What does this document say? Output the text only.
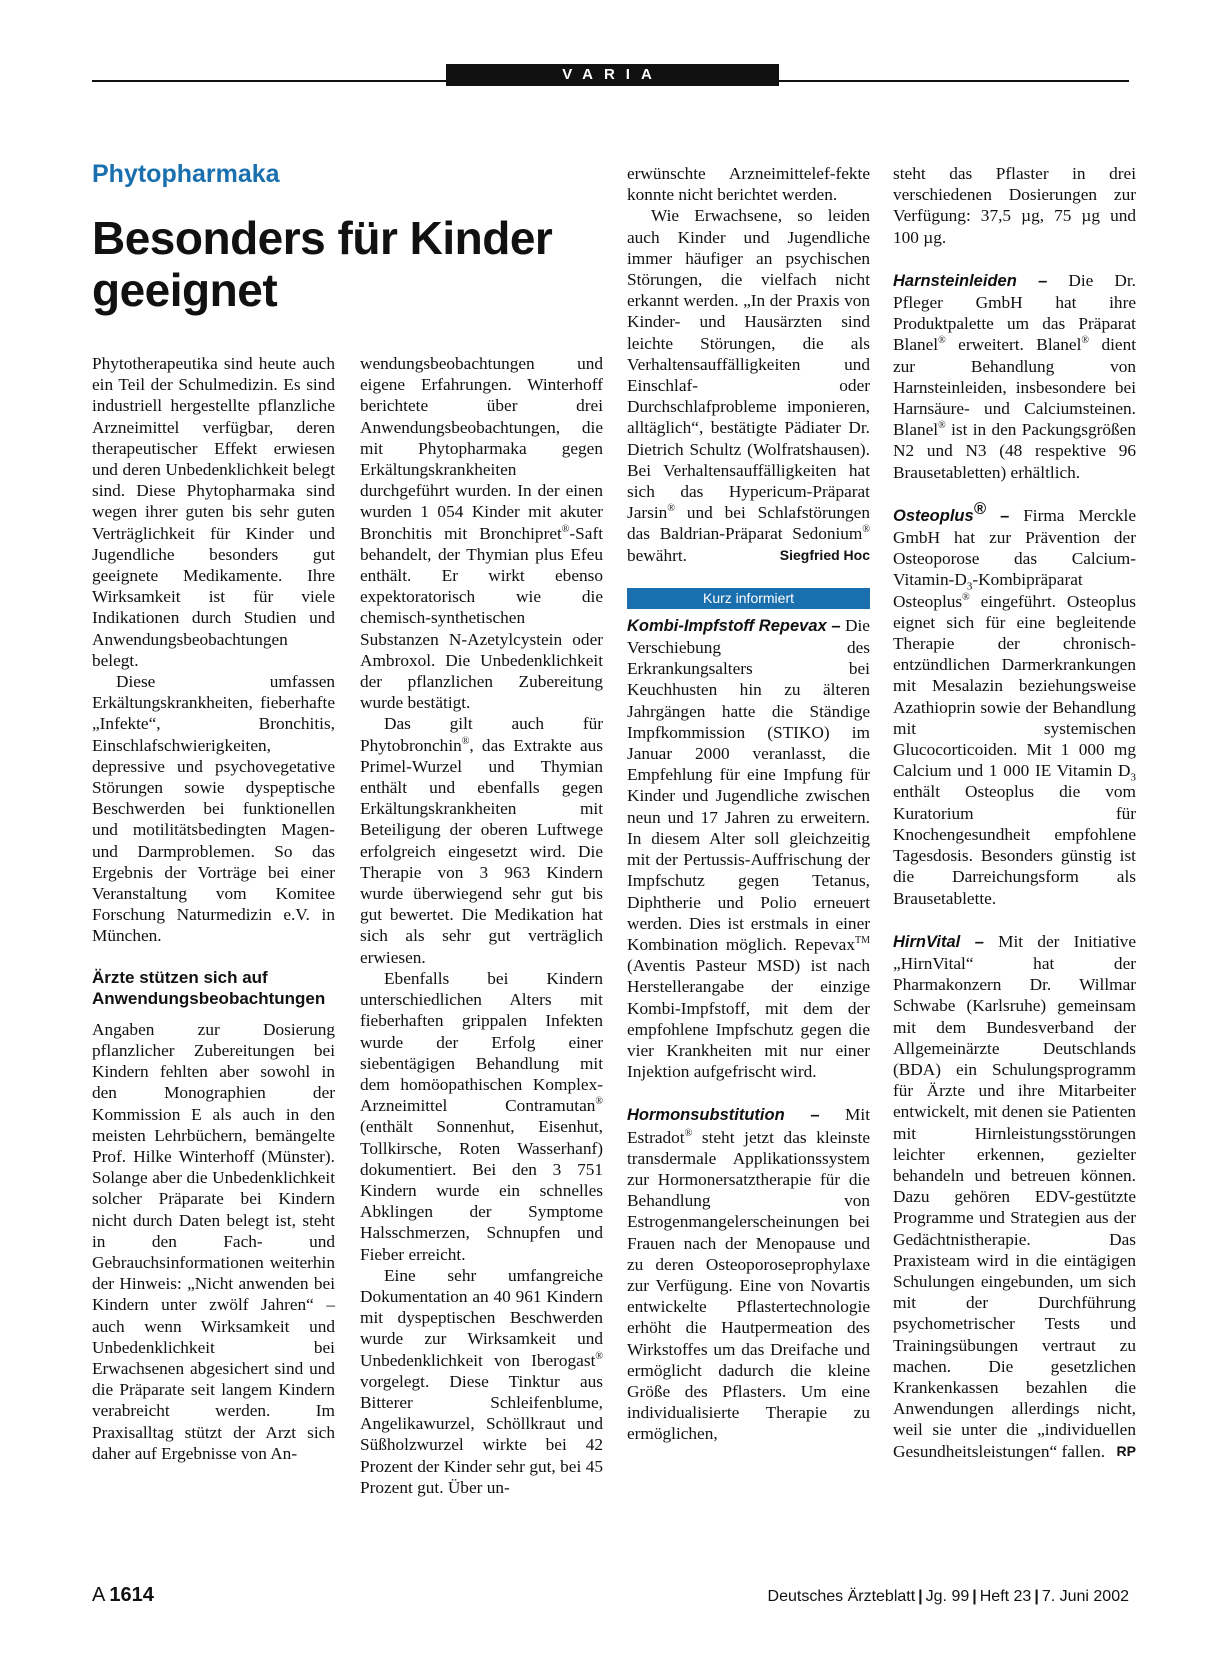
VARIA
Phytopharmaka
Besonders für Kinder geeignet

Phytotherapeutika sind heute auch ein Teil der Schulmedizin. Es sind industriell hergestellte pflanzliche Arzneimittel verfügbar, deren therapeutischer Effekt erwiesen und deren Unbedenklichkeit belegt sind. Diese Phytopharmaka sind wegen ihrer guten bis sehr guten Verträglichkeit für Kinder und Jugendliche besonders gut geeignete Medikamente. Ihre Wirksamkeit ist für viele Indikationen durch Studien und Anwendungsbeobachtungen belegt.

Diese umfassen Erkältungskrankheiten, fieberhafte „Infekte“, Bronchitis, Einschlafschwierigkeiten, depressive und psychovegetative Störungen sowie dyspeptische Beschwerden bei funktionellen und motilitätsbedingten Magen- und Darmproblemen. So das Ergebnis der Vorträge bei einer Veranstaltung vom Komitee Forschung Naturmedizin e.V. in München.

Ärzte stützen sich auf Anwendungsbeobachtungen

Angaben zur Dosierung pflanzlicher Zubereitungen bei Kindern fehlten aber sowohl in den Monographien der Kommission E als auch in den meisten Lehrbüchern, bemängelte Prof. Hilke Winterhoff (Münster). Solange aber die Unbedenklichkeit solcher Präparate bei Kindern nicht durch Daten belegt ist, steht in den Fach- und Gebrauchsinformationen weiterhin der Hinweis: „Nicht anwenden bei Kindern unter zwölf Jahren“ – auch wenn Wirksamkeit und Unbedenklichkeit bei Erwachsenen abgesichert sind und die Präparate seit langem Kindern verabreicht werden. Im Praxisalltag stützt der Arzt sich daher auf Ergebnisse von An-

wendungsbeobachtungen und eigene Erfahrungen. Winterhoff berichtete über drei Anwendungsbeobachtungen, die mit Phytopharmaka gegen Erkältungskrankheiten durchgeführt wurden. In der einen wurden 1 054 Kinder mit akuter Bronchitis mit Bronchipret®-Saft behandelt, der Thymian plus Efeu enthält. Er wirkt ebenso expektoratorisch wie die chemisch-synthetischen Substanzen N-Azetylcystein oder Ambroxol. Die Unbedenklichkeit der pflanzlichen Zubereitung wurde bestätigt.

Das gilt auch für Phytobronchin®, das Extrakte aus Primel-Wurzel und Thymian enthält und ebenfalls gegen Erkältungskrankheiten mit Beteiligung der oberen Luftwege erfolgreich eingesetzt wird. Die Therapie von 3 963 Kindern wurde überwiegend sehr gut bis gut bewertet. Die Medikation hat sich als sehr gut verträglich erwiesen.

Ebenfalls bei Kindern unterschiedlichen Alters mit fieberhaften grippalen Infekten wurde der Erfolg einer siebentägigen Behandlung mit dem homöopathischen Komplex-Arzneimittel Contramutan® (enthält Sonnenhut, Eisenhut, Tollkirsche, Roten Wasserhanf) dokumentiert. Bei den 3 751 Kindern wurde ein schnelles Abklingen der Symptome Halsschmerzen, Schnupfen und Fieber erreicht.

Eine sehr umfangreiche Dokumentation an 40 961 Kindern mit dyspeptischen Beschwerden wurde zur Wirksamkeit und Unbedenklichkeit von Iberogast® vorgelegt. Diese Tinktur aus Bitterer Schleifenblume, Angelikawurzel, Schöllkraut und Süßholzwurzel wirkte bei 42 Prozent der Kinder sehr gut, bei 45 Prozent gut. Über un-

erwünschte Arzneimittelef-fekte konnte nicht berichtet werden.

Wie Erwachsene, so leiden auch Kinder und Jugendliche immer häufiger an psychischen Störungen, die vielfach nicht erkannt werden. „In der Praxis von Kinder- und Hausärzten sind leichte Störungen, die als Verhaltensauffälligkeiten und Einschlaf- oder Durchschlafprobleme imponieren, alltäglich“, bestätigte Pädiater Dr. Dietrich Schultz (Wolfratshausen). Bei Verhaltensauffälligkeiten hat sich das Hypericum-Präparat Jarsin® und bei Schlafstörungen das Baldrian-Präparat Sedonium® bewährt.	Siegfried Hoc

Kurz informiert

Kombi-Impfstoff Repevax – Die Verschiebung des Erkrankungsalters bei Keuchhusten hin zu älteren Jahrgängen hatte die Ständige Impfkommission (STIKO) im Januar 2000 veranlasst, die Empfehlung für eine Impfung für Kinder und Jugendliche zwischen neun und 17 Jahren zu erweitern. In diesem Alter soll gleichzeitig mit der Pertussis-Auffrischung der Impfschutz gegen Tetanus, Diphtherie und Polio erneuert werden. Dies ist erstmals in einer Kombination möglich. Repevax™ (Aventis Pasteur MSD) ist nach Herstellerangabe der einzige Kombi-Impfstoff, mit dem der empfohlene Impfschutz gegen die vier Krankheiten mit nur einer Injektion aufgefrischt wird.

Hormonsubstitution – Mit Estradot® steht jetzt das kleinste transdermale Applikationssystem zur Hormonersatztherapie für die Behandlung von Estrogenmangelerscheinungen bei Frauen nach der Menopause und zu deren Osteoporoseprophylaxe zur Verfügung. Eine von Novartis entwickelte Pflastertechnologie erhöht die Hautpermeation des Wirkstoffes um das Dreifache und ermöglicht dadurch die kleine Größe des Pflasters. Um eine individualisierte Therapie zu ermöglichen,

steht das Pflaster in drei verschiedenen Dosierungen zur Verfügung: 37,5 µg, 75 µg und 100 µg.

Harnsteinleiden – Die Dr. Pfleger GmbH hat ihre Produktpalette um das Präparat Blanel® erweitert. Blanel® dient zur Behandlung von Harnsteinleiden, insbesondere bei Harnsäure- und Calciumsteinen. Blanel® ist in den Packungsgrößen N2 und N3 (48 respektive 96 Brausetabletten) erhältlich.

Osteoplus® – Firma Merckle GmbH hat zur Prävention der Osteoporose das Calcium-$Vitamin-D_3$-Kombipräparat Osteoplus® eingeführt. Osteoplus eignet sich für eine begleitende Therapie der chronisch-entzündlichen Darmerkrankungen mit Mesalazin beziehungsweise Azathioprin sowie der Behandlung mit systemischen Glucocorticoiden. Mit 1 000 mg Calcium und 1 000 IE Vitamin $D_3$ enthält Osteoplus die vom Kuratorium für Knochengesundheit empfohlene Tagesdosis. Besonders günstig ist die Darreichungsform als Brausetablette.

HirnVital – Mit der Initiative „HirnVital“ hat der Pharmakonzern Dr. Willmar Schwabe (Karlsruhe) gemeinsam mit dem Bundesverband der Allgemeinärzte Deutschlands (BDA) ein Schulungsprogramm für Ärzte und ihre Mitarbeiter entwickelt, mit denen sie Patienten mit Hirnleistungsstörungen leichter erkennen, gezielter behandeln und betreuen können. Dazu gehören EDV-gestützte Programme und Strategien aus der Gedächtnistherapie. Das Praxisteam wird in die eintägigen Schulungen eingebunden, um sich mit der Durchführung psychometrischer Tests und Trainingsübungen vertraut zu machen. Die gesetzlichen Krankenkassen bezahlen die Anwendungen allerdings nicht, weil sie unter die „individuellen Gesundheitsleistungen“ fallen. RP

A 1614	Deutsches Ärzteblatt | Jg. 99 | Heft 23 | 7. Juni 2002
